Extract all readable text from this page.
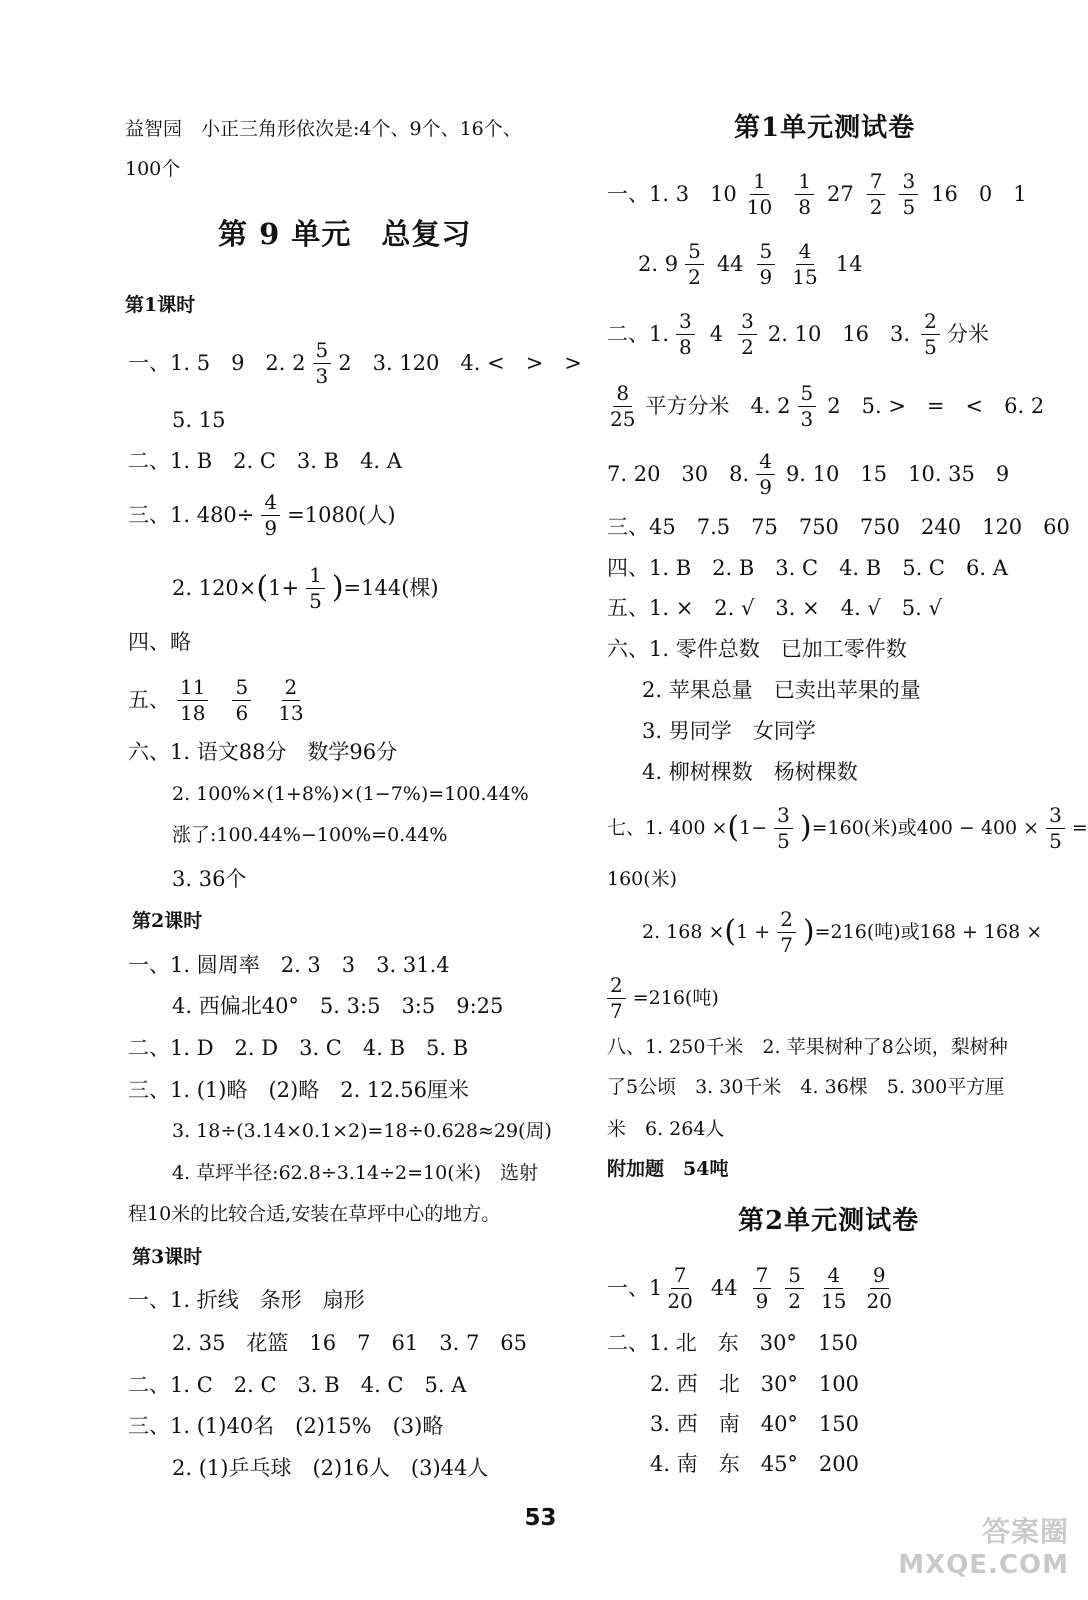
益智园　小正三角形依次是:4个、9个、16个、
100个
第 9 单元　总复习
第1课时
一、1. 5　9　2. $2 \frac{5}{3} 2$　3. 120　4. <　>　>
5. 15
二、1. B　2. C　3. B　4. A
三、1. $480\div \frac{4}{9} =1080$(人)
2. 120× ( $1+ \frac{1}{5}$ ) =144(棵)
四、略
五、 $\frac{11}{18} \frac{5}{6} \frac{2}{13}$
六、1. 语文88分　数学96分
2. 100%×(1+8%)×(1−7%)=100.44%
涨了:100.44%−100%=0.44%
3. 36个
第2课时
一、1. 圆周率　2. 3　3　3. 31.4
4. 西偏北40°　5. 3:5　3:5　9:25
二、1. D　2. D　3. C　4. B　5. B
三、1. (1)略　(2)略　2. 12.56厘米
3. 18÷(3.14×0.1×2)=18÷0.628≈29(周)
4. 草坪半径:62.8÷3.14÷2=10(米)　选射
程10米的比较合适,安装在草坪中心的地方。
第3课时
一、1. 折线　条形　扇形
2. 35　花篮　16　7　61　3. 7　65
二、1. C　2. C　3. B　4. C　5. A
三、1. (1)40名　(2)15%　(3)略
2. (1)乒乓球　(2)16人　(3)44人
第1单元测试卷
一、1. 3　$10 \frac{1}{10} \frac{1}{8} 27 \frac{7}{2} \frac{3}{5} 16$　0　1
2. $9 \frac{5}{2} 44 \frac{5}{9} \frac{4}{15} 14$
二、1. $\frac{3}{8} 4 \frac{3}{2} 2$. 10　16　3. $\frac{2}{5}$ 分米
$\frac{8}{25}$ 平方分米　4. $2 \frac{5}{3} 2$　5. >　=　<　6. 2
7. 20　30　8. $\frac{4}{9} 9$. 10　15　10. 35　9
三、45　7.5　75　750　750　240　120　60
四、1. B　2. B　3. C　4. B　5. C　6. A
五、1. ×　2. √　3. ×　4. √　5. √
六、1. 零件总数　已加工零件数
2. 苹果总量　已卖出苹果的量
3. 男同学　女同学
4. 柳树棵数　杨树棵数
七、1. 400 × ( $1- \frac{3}{5}$ ) =160(米)或$400 - 400 \times \frac{3}{5}$ =
160(米)
2. 168 × ( $1 + \frac{2}{7}$ ) =216(吨)或168 + 168 ×
$\frac{2}{7} =216$(吨)
八、1. 250千米　2. 苹果树种了8公顷，梨树种
了5公顷　3. 30千米　4. 36棵　5. 300平方厘
米　6. 264人
附加题　54吨
第2单元测试卷
一、$1 \frac{7}{20} 44 \frac{7}{9} \frac{5}{2} \frac{4}{15} \frac{9}{20}$
二、1. 北　东　30°　150
2. 西　北　30°　100
3. 西　南　40°　150
4. 南　东　45°　200
53	答案圈
MXQE.COM
